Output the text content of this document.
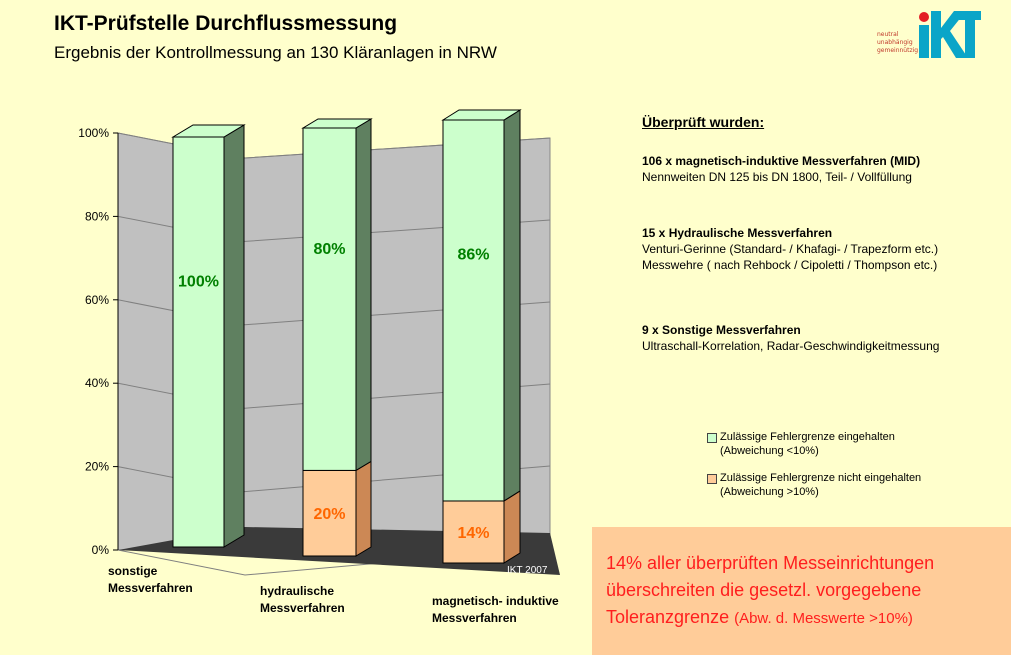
IKT-Prüfstelle Durchflussmessung
Ergebnis der Kontrollmessung an 130 Kläranlagen in NRW
neutral
unabhängig
gemeinnützig
0%
20%
40%
60%
80%
100%
100%
20%
80%
14%
86%
sonstige
Messverfahren	hydraulische
Messverfahren	magnetisch- induktive
Messverfahren
IKT 2007
Überprüft wurden:
106 x magnetisch-induktive Messverfahren (MID)
Nennweiten DN 125 bis DN 1800, Teil- / Vollfüllung
15 x Hydraulische Messverfahren
Venturi-Gerinne (Standard- / Khafagi- / Trapezform etc.)
Messwehre ( nach Rehbock / Cipoletti / Thompson etc.)
9 x Sonstige Messverfahren
Ultraschall-Korrelation, Radar-Geschwindigkeitmessung
Zulässige Fehlergrenze eingehalten
(Abweichung <10%)
Zulässige Fehlergrenze nicht eingehalten
(Abweichung >10%)
14% aller überprüften Messeinrichtungen
überschreiten die gesetzl. vorgegebene
Toleranzgrenze (Abw. d. Messwerte >10%)
